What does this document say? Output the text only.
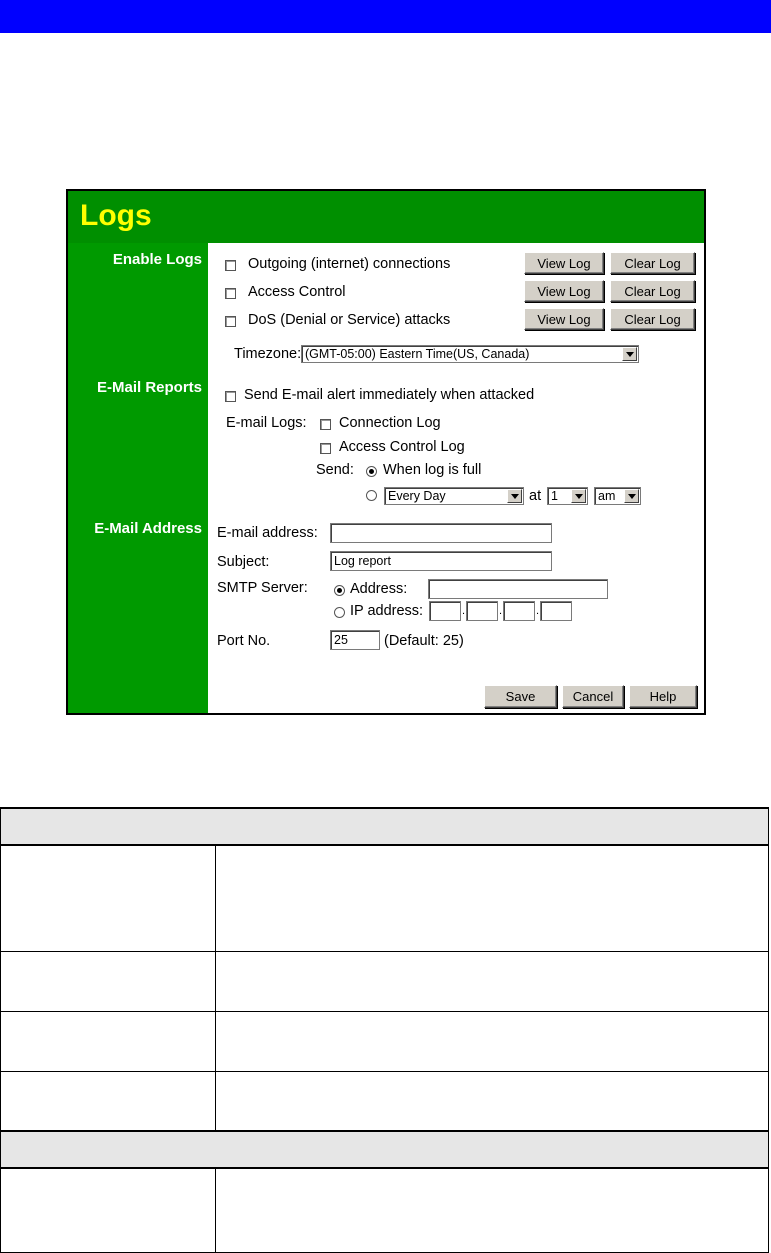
Logs
Enable Logs
E-Mail Reports
E-Mail Address
Outgoing (internet) connections	View Log	Clear Log
Access Control	View Log	Clear Log
DoS (Denial or Service) attacks	View Log	Clear Log
Timezone: (GMT-05:00) Eastern Time(US, Canada)
Send E-mail alert immediately when attacked
E-mail Logs: Connection Log
Access Control Log
Send: When log is full
Every Day	at 1	am
E-mail address:
Subject:
Log report
SMTP Server:	Address:
IP address:	.	.	.
Port No.
25	(Default: 25)
Save	Cancel	Help
